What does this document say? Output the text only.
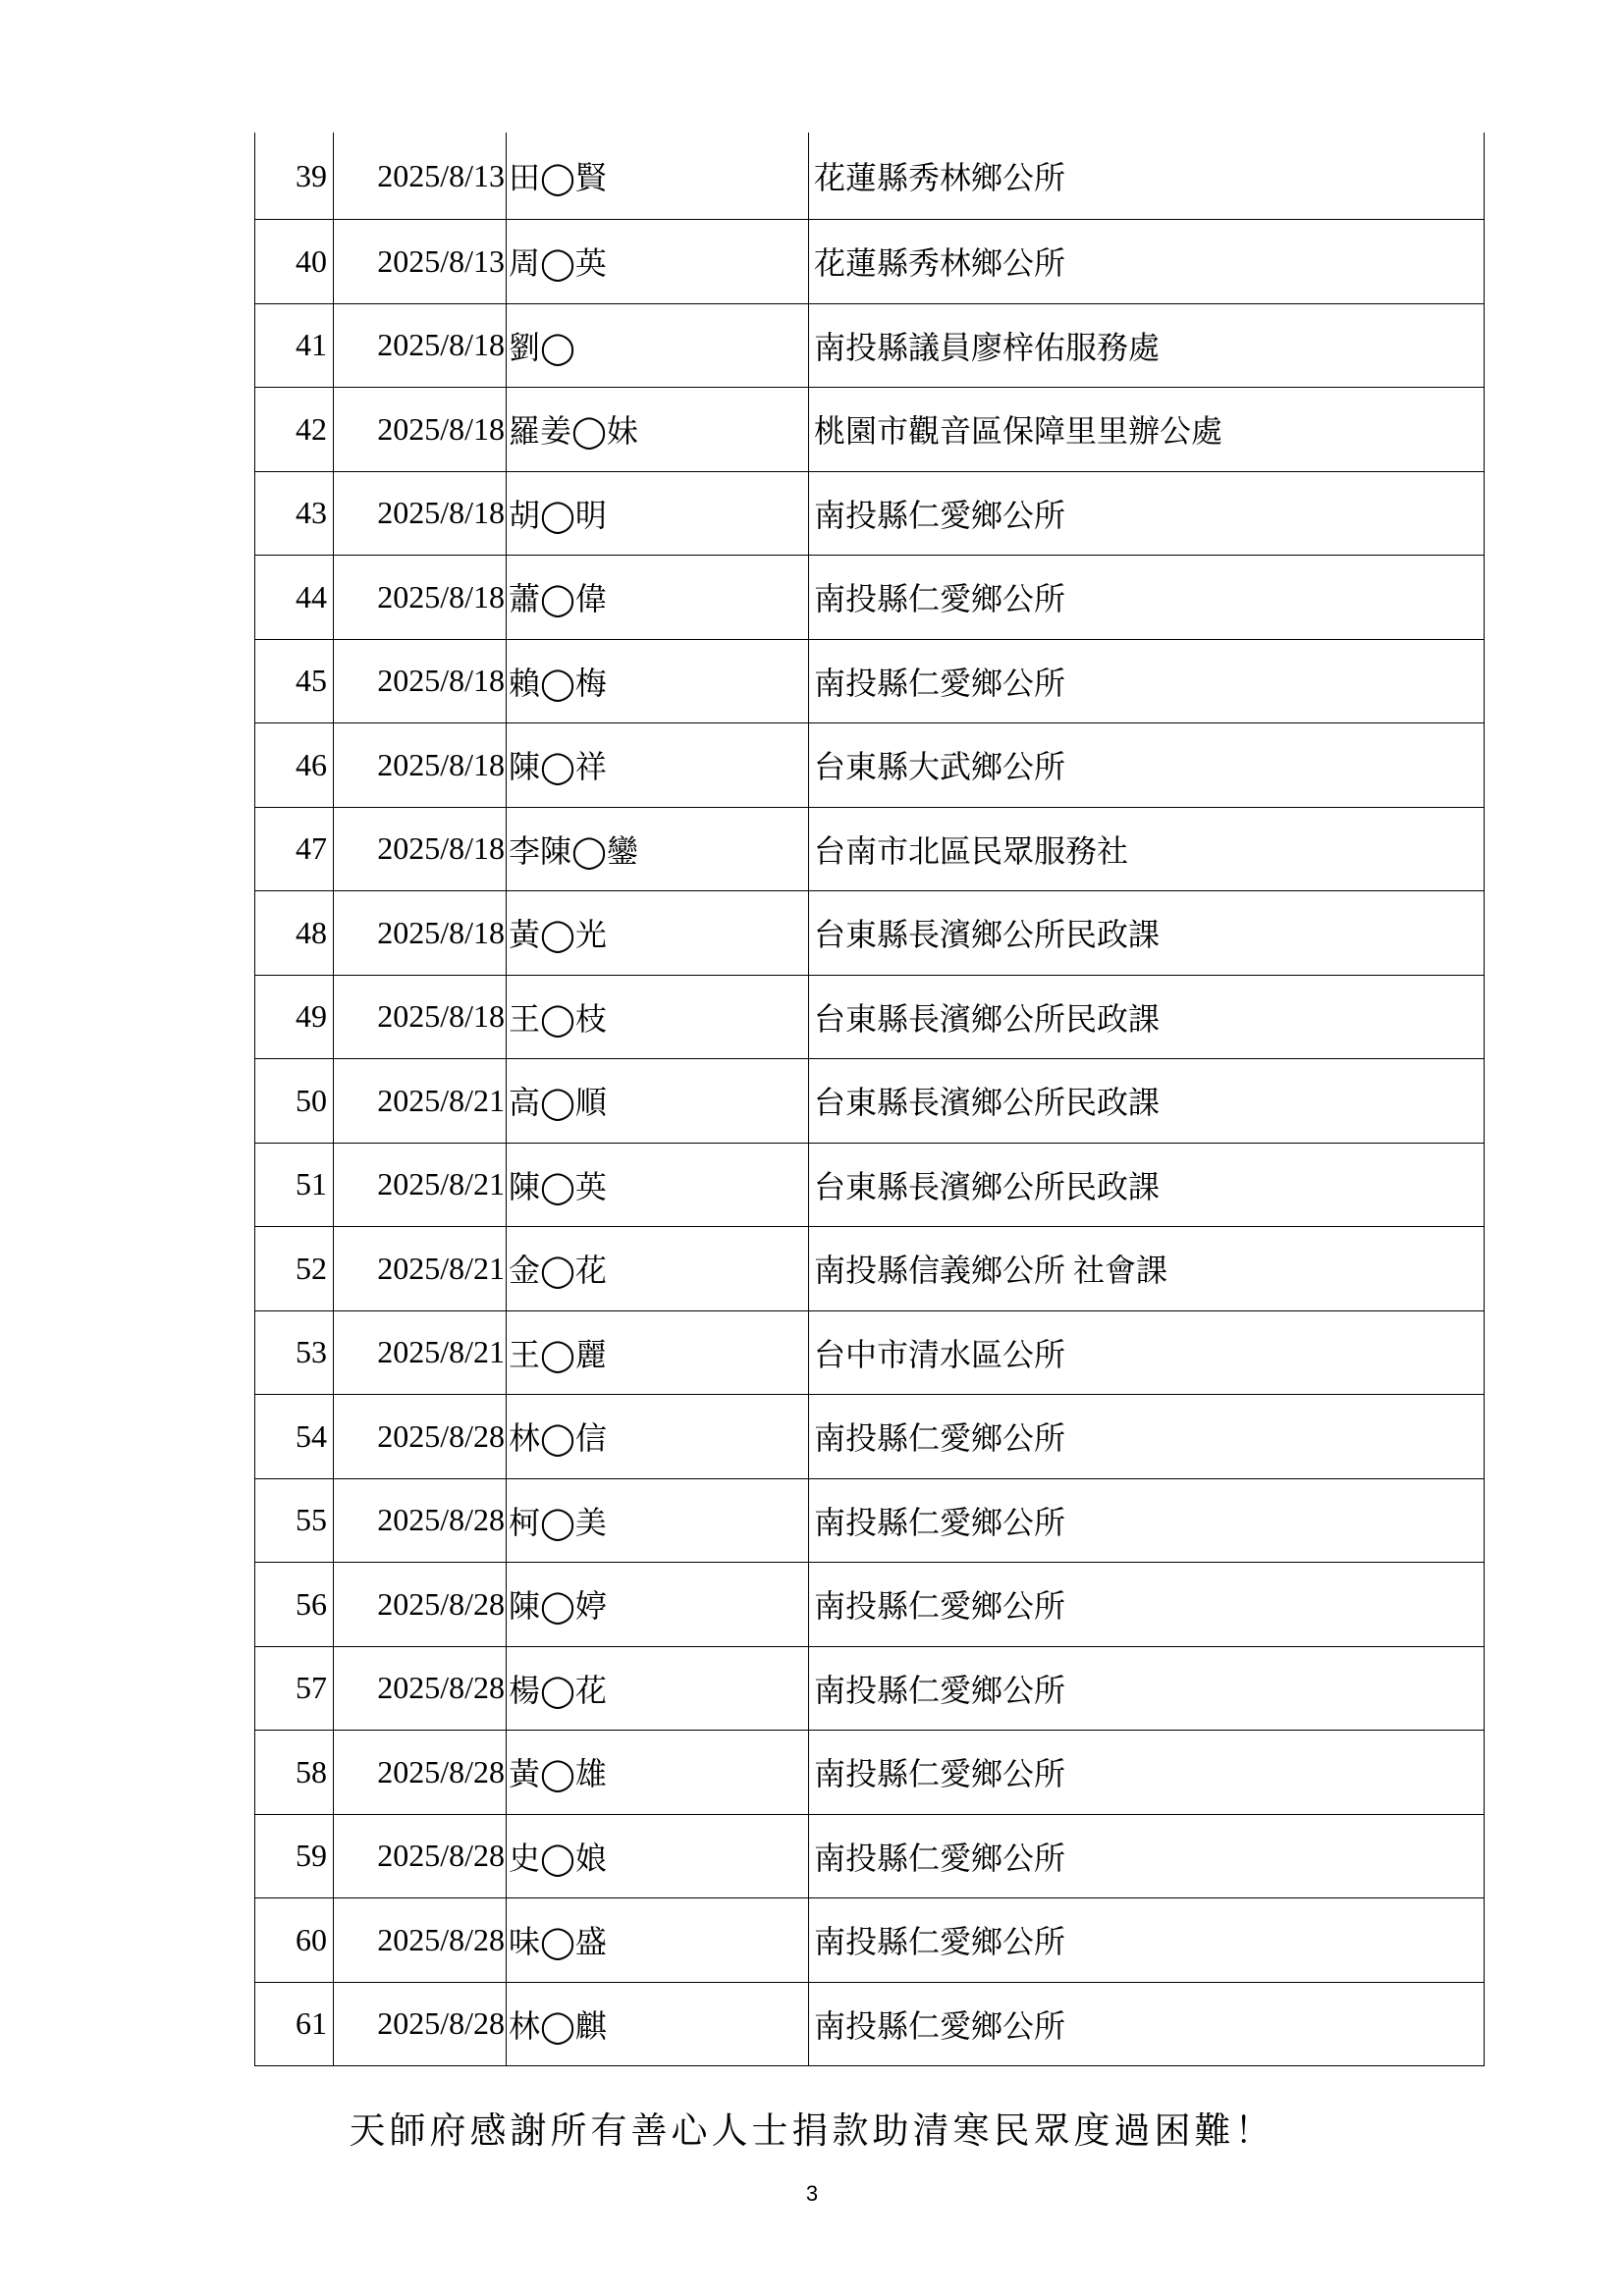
39	2025/8/13	田◯賢	花蓮縣秀林鄉公所
40	2025/8/13	周◯英	花蓮縣秀林鄉公所
41	2025/8/18	劉◯	南投縣議員廖梓佑服務處
42	2025/8/18	羅姜◯妹	桃園市觀音區保障里里辦公處
43	2025/8/18	胡◯明	南投縣仁愛鄉公所
44	2025/8/18	蕭◯偉	南投縣仁愛鄉公所
45	2025/8/18	賴◯梅	南投縣仁愛鄉公所
46	2025/8/18	陳◯祥	台東縣大武鄉公所
47	2025/8/18	李陳◯鑾	台南市北區民眾服務社
48	2025/8/18	黃◯光	台東縣長濱鄉公所民政課
49	2025/8/18	王◯枝	台東縣長濱鄉公所民政課
50	2025/8/21	高◯順	台東縣長濱鄉公所民政課
51	2025/8/21	陳◯英	台東縣長濱鄉公所民政課
52	2025/8/21	金◯花	南投縣信義鄉公所 社會課
53	2025/8/21	王◯麗	台中市清水區公所
54	2025/8/28	林◯信	南投縣仁愛鄉公所
55	2025/8/28	柯◯美	南投縣仁愛鄉公所
56	2025/8/28	陳◯婷	南投縣仁愛鄉公所
57	2025/8/28	楊◯花	南投縣仁愛鄉公所
58	2025/8/28	黃◯雄	南投縣仁愛鄉公所
59	2025/8/28	史◯娘	南投縣仁愛鄉公所
60	2025/8/28	味◯盛	南投縣仁愛鄉公所
61	2025/8/28	林◯麒	南投縣仁愛鄉公所
天師府感謝所有善心人士捐款助清寒民眾度過困難！
3
